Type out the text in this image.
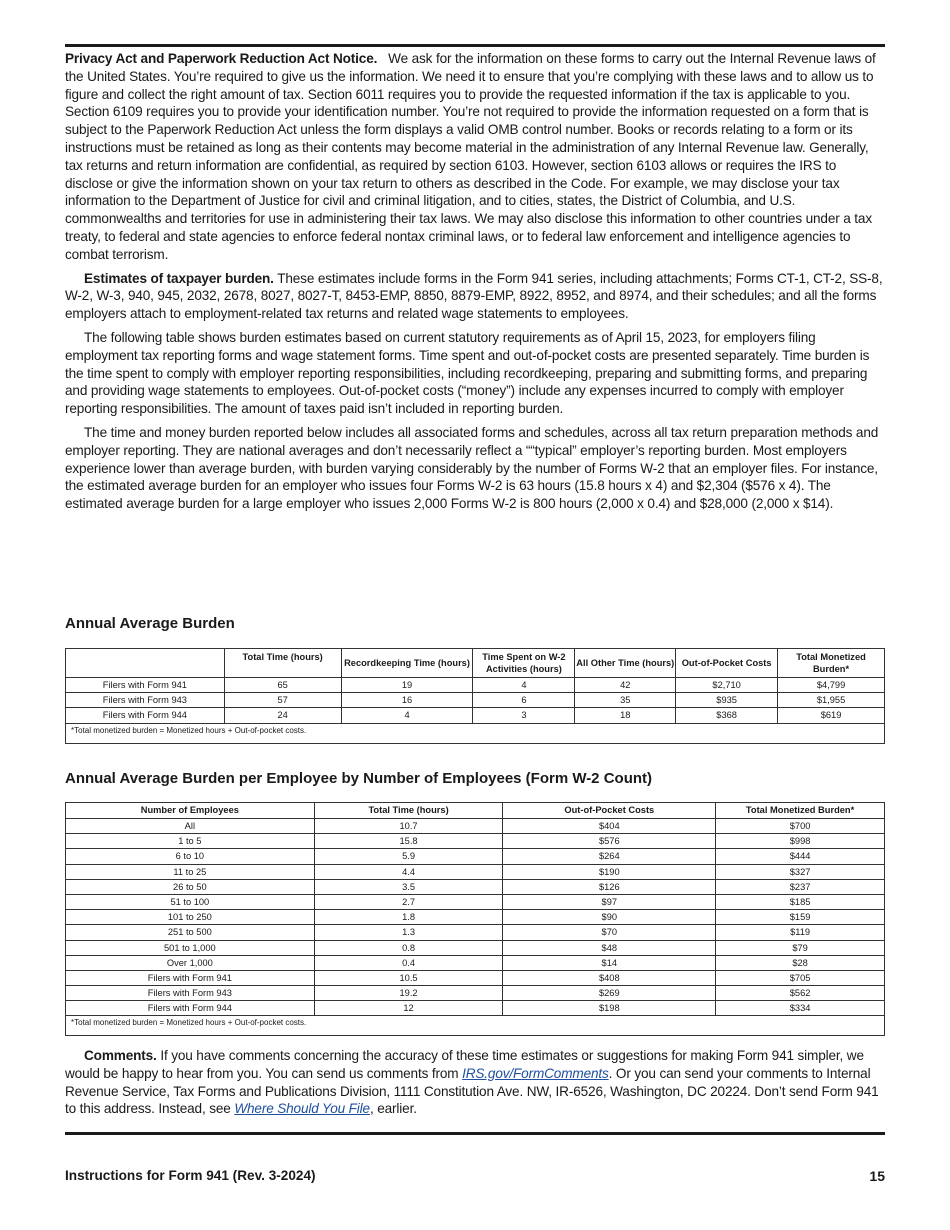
Privacy Act and Paperwork Reduction Act Notice. We ask for the information on these forms to carry out the Internal Revenue laws of the United States. You’re required to give us the information. We need it to ensure that you’re complying with these laws and to allow us to figure and collect the right amount of tax. Section 6011 requires you to provide the requested information if the tax is applicable to you. Section 6109 requires you to provide your identification number. You’re not required to provide the information requested on a form that is subject to the Paperwork Reduction Act unless the form displays a valid OMB control number. Books or records relating to a form or its instructions must be retained as long as their contents may become material in the administration of any Internal Revenue law. Generally, tax returns and return information are confidential, as required by section 6103. However, section 6103 allows or requires the IRS to disclose or give the information shown on your tax return to others as described in the Code. For example, we may disclose your tax information to the Department of Justice for civil and criminal litigation, and to cities, states, the District of Columbia, and U.S. commonwealths and territories for use in administering their tax laws. We may also disclose this information to other countries under a tax treaty, to federal and state agencies to enforce federal nontax criminal laws, or to federal law enforcement and intelligence agencies to combat terrorism.

Estimates of taxpayer burden. These estimates include forms in the Form 941 series, including attachments; Forms CT-1, CT-2, SS-8, W-2, W-3, 940, 945, 2032, 2678, 8027, 8027-T, 8453-EMP, 8850, 8879-EMP, 8922, 8952, and 8974, and their schedules; and all the forms employers attach to employment-related tax returns and related wage statements to employees.

The following table shows burden estimates based on current statutory requirements as of April 15, 2023, for employers filing employment tax reporting forms and wage statement forms. Time spent and out-of-pocket costs are presented separately. Time burden is the time spent to comply with employer reporting responsibilities, including recordkeeping, preparing and submitting forms, and preparing and providing wage statements to employees. Out-of-pocket costs (“money”) include any expenses incurred to comply with employer reporting responsibilities. The amount of taxes paid isn’t included in reporting burden.

The time and money burden reported below includes all associated forms and schedules, across all tax return preparation methods and employer reporting. They are national averages and don’t necessarily reflect a ““typical” employer’s reporting burden. Most employers experience lower than average burden, with burden varying considerably by the number of Forms W-2 that an employer files. For instance, the estimated average burden for an employer who issues four Forms W-2 is 63 hours (15.8 hours x 4) and $2,304 ($576 x 4). The estimated average burden for a large employer who issues 2,000 Forms W-2 is 800 hours (2,000 x 0.4) and $28,000 (2,000 x $14).

Annual Average Burden
	Total Time (hours)	Recordkeeping Time (hours)	Time Spent on W-2 Activities (hours)	All Other Time (hours)	Out-of-Pocket Costs	Total Monetized Burden*
Filers with Form 941	65	19	4	42	$2,710	$4,799
Filers with Form 943	57	16	6	35	$935	$1,955
Filers with Form 944	24	4	3	18	$368	$619
*Total monetized burden = Monetized hours + Out-of-pocket costs.						
Annual Average Burden per Employee by Number of Employees (Form W-2 Count)
Number of Employees	Total Time (hours)	Out-of-Pocket Costs	Total Monetized Burden*
All	10.7	$404	$700
1 to 5	15.8	$576	$998
6 to 10	5.9	$264	$444
11 to 25	4.4	$190	$327
26 to 50	3.5	$126	$237
51 to 100	2.7	$97	$185
101 to 250	1.8	$90	$159
251 to 500	1.3	$70	$119
501 to 1,000	0.8	$48	$79
Over 1,000	0.4	$14	$28
Filers with Form 941	10.5	$408	$705
Filers with Form 943	19.2	$269	$562
Filers with Form 944	12	$198	$334
*Total monetized burden = Monetized hours + Out-of-pocket costs.			

Comments. If you have comments concerning the accuracy of these time estimates or suggestions for making Form 941 simpler, we would be happy to hear from you. You can send us comments from IRS.gov/FormComments. Or you can send your comments to Internal Revenue Service, Tax Forms and Publications Division, 1111 Constitution Ave. NW, IR-6526, Washington, DC 20224. Don’t send Form 941 to this address. Instead, see Where Should You File, earlier.

Instructions for Form 941 (Rev. 3-2024)	15
